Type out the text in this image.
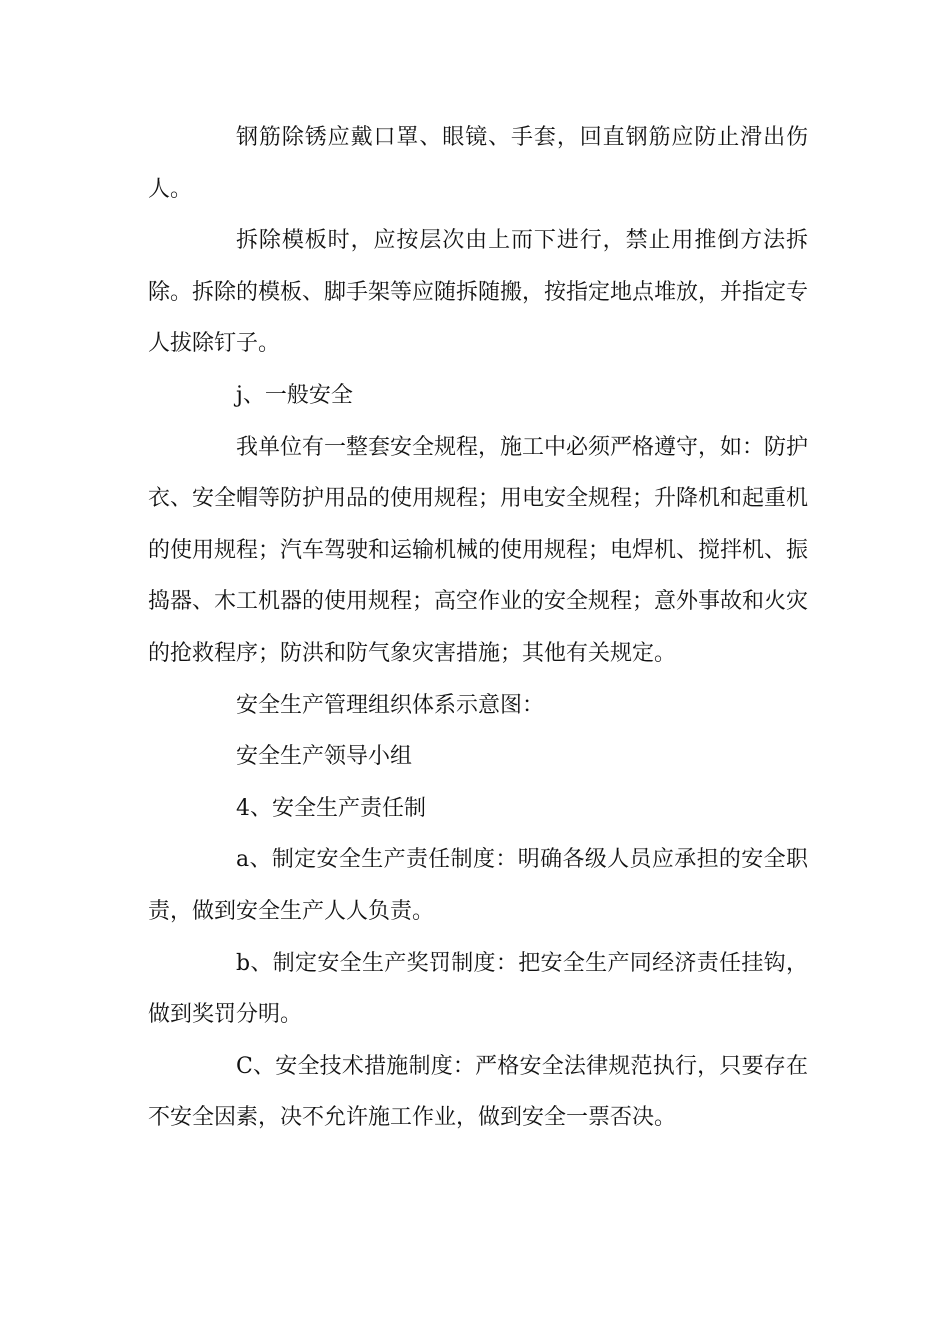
钢筋除锈应戴口罩、眼镜、手套，回直钢筋应防止滑出伤人。

拆除模板时，应按层次由上而下进行，禁止用推倒方法拆除。拆除的模板、脚手架等应随拆随搬，按指定地点堆放，并指定专人拔除钉子。

j、一般安全

我单位有一整套安全规程，施工中必须严格遵守，如：防护衣、安全帽等防护用品的使用规程；用电安全规程；升降机和起重机的使用规程；汽车驾驶和运输机械的使用规程；电焊机、搅拌机、振捣器、木工机器的使用规程；高空作业的安全规程；意外事故和火灾的抢救程序；防洪和防气象灾害措施；其他有关规定。

安全生产管理组织体系示意图：

安全生产领导小组

4、安全生产责任制

a、制定安全生产责任制度：明确各级人员应承担的安全职责，做到安全生产人人负责。

b、制定安全生产奖罚制度：把安全生产同经济责任挂钩，做到奖罚分明。

C、安全技术措施制度：严格安全法律规范执行，只要存在不安全因素，决不允许施工作业，做到安全一票否决。
